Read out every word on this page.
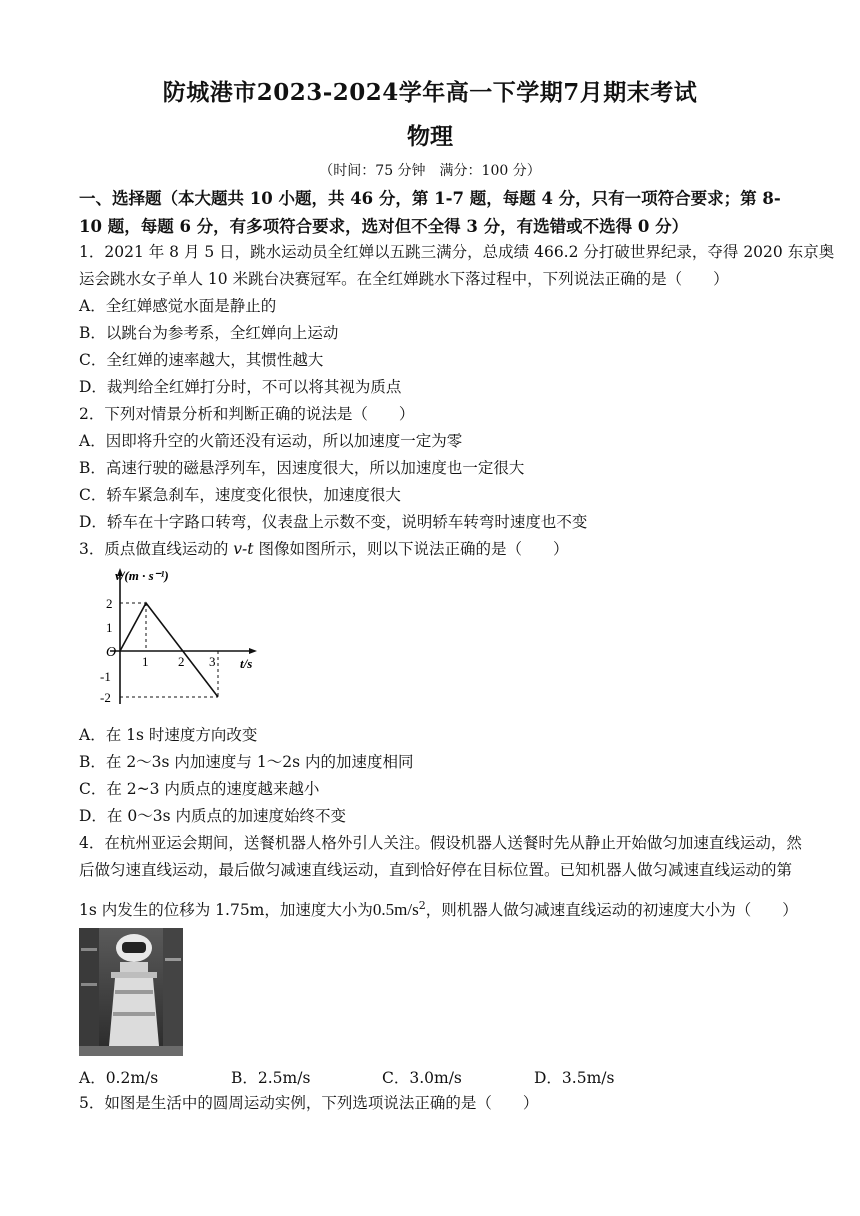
防城港市2023-2024学年高一下学期7月期末考试
物理
（时间：75 分钟　满分：100 分）
一、选择题（本大题共 10 小题，共 46 分，第 1-7 题，每题 4 分，只有一项符合要求；第 8-10 题，每题 6 分，有多项符合要求，选对但不全得 3 分，有选错或不选得 0 分）
1．2021 年 8 月 5 日，跳水运动员全红婵以五跳三满分，总成绩 466.2 分打破世界纪录，夺得 2020 东京奥
运会跳水女子单人 10 米跳台决赛冠军。在全红婵跳水下落过程中，下列说法正确的是（　　）
A．全红婵感觉水面是静止的
B．以跳台为参考系，全红婵向上运动
C．全红婵的速率越大，其惯性越大
D．裁判给全红婵打分时，不可以将其视为质点
2．下列对情景分析和判断正确的说法是（　　）
A．因即将升空的火箭还没有运动，所以加速度一定为零
B．高速行驶的磁悬浮列车，因速度很大，所以加速度也一定很大
C．轿车紧急刹车，速度变化很快，加速度很大
D．轿车在十字路口转弯，仪表盘上示数不变，说明轿车转弯时速度也不变
3．质点做直线运动的 v-t 图像如图所示，则以下说法正确的是（　　）
v/(m · s⁻¹)
t/s
O
2
1
-1
-2
1 2 3
A．在 1s 时速度方向改变
B．在 2～3s 内加速度与 1～2s 内的加速度相同
C．在 2~3 内质点的速度越来越小
D．在 0～3s 内质点的加速度始终不变
4．在杭州亚运会期间，送餐机器人格外引人关注。假设机器人送餐时先从静止开始做匀加速直线运动，然
后做匀速直线运动，最后做匀减速直线运动，直到恰好停在目标位置。已知机器人做匀减速直线运动的第
1s 内发生的位移为 1.75m，加速度大小为$0.5m/s^2$，则机器人做匀减速直线运动的初速度大小为（　　）
A．0.2m/s	B．2.5m/s	C．3.0m/s	D．3.5m/s
5．如图是生活中的圆周运动实例，下列选项说法正确的是（　　）
